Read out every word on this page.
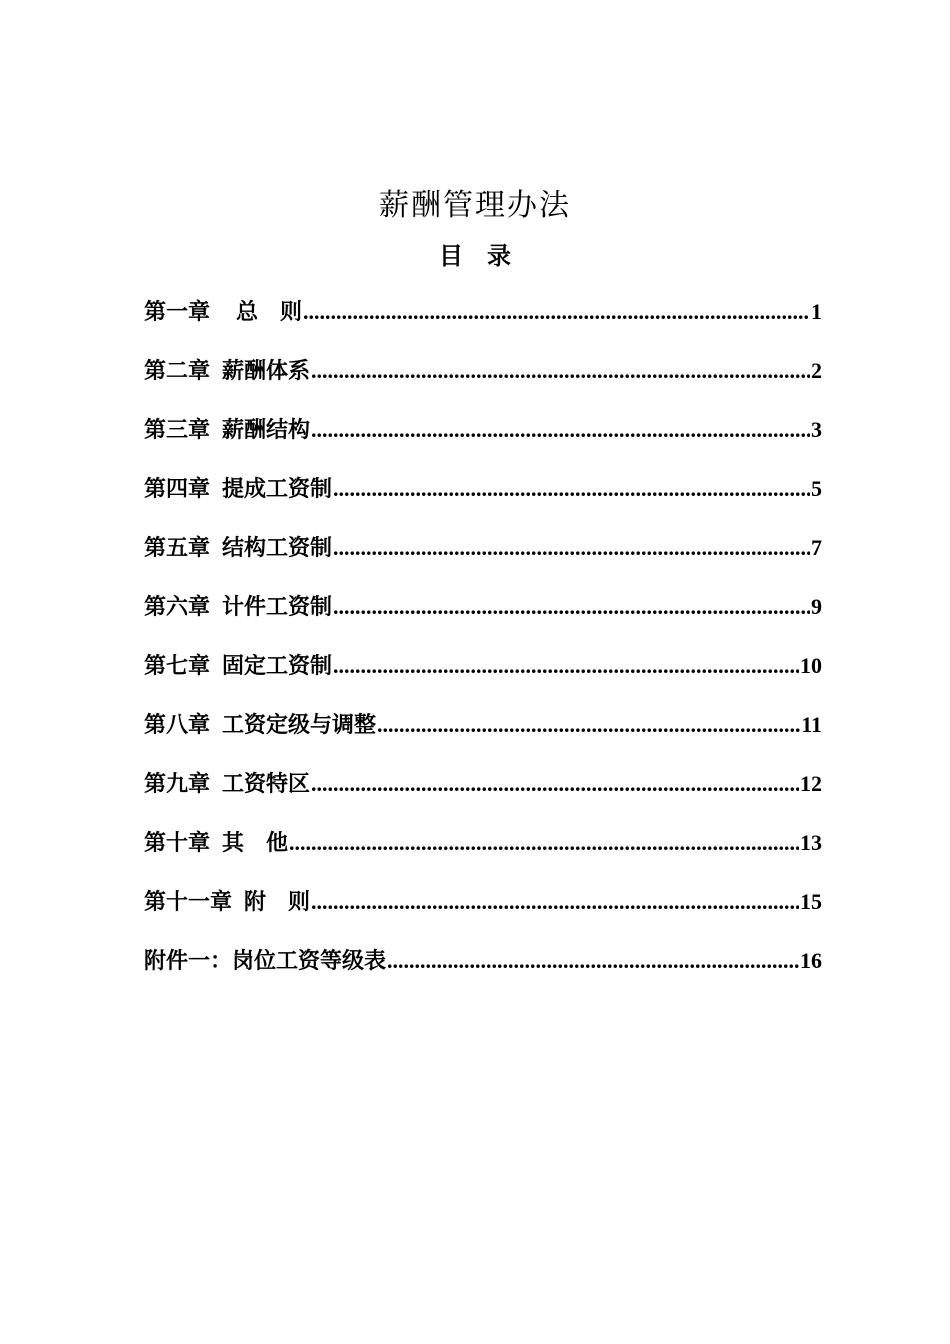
薪酬管理办法
目 录
第一章 总　则 .....	1
第二章 薪酬体系 .....	2
第三章 薪酬结构 .....	3
第四章 提成工资制 .....	5
第五章 结构工资制 .....	7
第六章 计件工资制 .....	9
第七章 固定工资制 .....	10
第八章 工资定级与调整 .....	11
第九章 工资特区 .....	12
第十章 其　他 .....	13
第十一章 附　则 .....	15
附件一： 岗位工资等级表 .....	16
